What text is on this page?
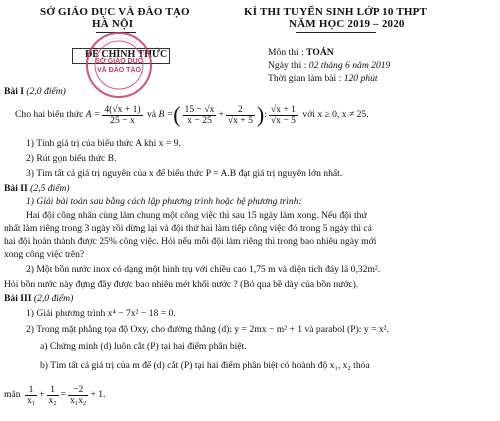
SỞ GIÁO DỤC VÀ ĐÀO TẠO
HÀ NỘI
KÌ THI TUYỂN SINH LỚP 10 THPT
NĂM HỌC 2019 – 2020
ĐỀ CHÍNH THỨC	Môn thi : TOÁN
Ngày thi : 02 tháng 6 năm 2019
Thời gian làm bài : 120 phút
SỞ GIÁO DỤC
VÀ ĐÀO TẠO
Bài I (2,0 điểm)
Cho hai biểu thức
$A = \frac{4(√x + 1)}{25 - x}$
và
B = ( $\frac{15 - √x}{x - 25} + \frac{2}{√x + 5}$ ) : $\frac{√x + 1}{√x - 5}$
với x ≥ 0, x ≠ 25.
1) Tính giá trị của biểu thức A khi x = 9.
2) Rút gọn biểu thức B.
3) Tìm tất cả giá trị nguyên của x để biểu thức P = A.B đạt giá trị nguyên lớn nhất.
Bài II (2,5 điểm)
1) Giải bài toán sau bằng cách lập phương trình hoặc hệ phương trình:
Hai đội công nhân cùng làm chung một công việc thì sau 15 ngày làm xong. Nếu đội thứ
nhất làm riêng trong 3 ngày rồi dừng lại và đội thứ hai làm tiếp công việc đó trong 5 ngày thì cả
hai đội hoàn thành được 25% công việc. Hỏi nếu mỗi đội làm riêng thì trong bao nhiêu ngày mới
xong công việc trên?
2) Một bồn nước inox có dạng một hình trụ với chiều cao 1,75 m và diện tích đáy là 0,32m².
Hỏi bồn nước này đựng đầy được bao nhiêu mét khối nước ? (Bỏ qua bề dày của bồn nước).
Bài III (2,0 điểm)
1) Giải phương trình x⁴ − 7x² − 18 = 0.
2) Trong mặt phẳng tọa độ Oxy, cho đường thẳng (d): y = 2mx − m² + 1 và parabol (P): y = x².
a) Chứng minh (d) luôn cắt (P) tại hai điểm phân biệt.
b) Tìm tất cả giá trị của m để (d) cắt (P) tại hai điểm phân biệt có hoành độ x₁, x₂ thỏa
mãn
$\frac{1}{\text{x₁}} + \frac{1}{\text{x₂}} = \frac{-2}{\text{x₁x₂}} + 1$.
